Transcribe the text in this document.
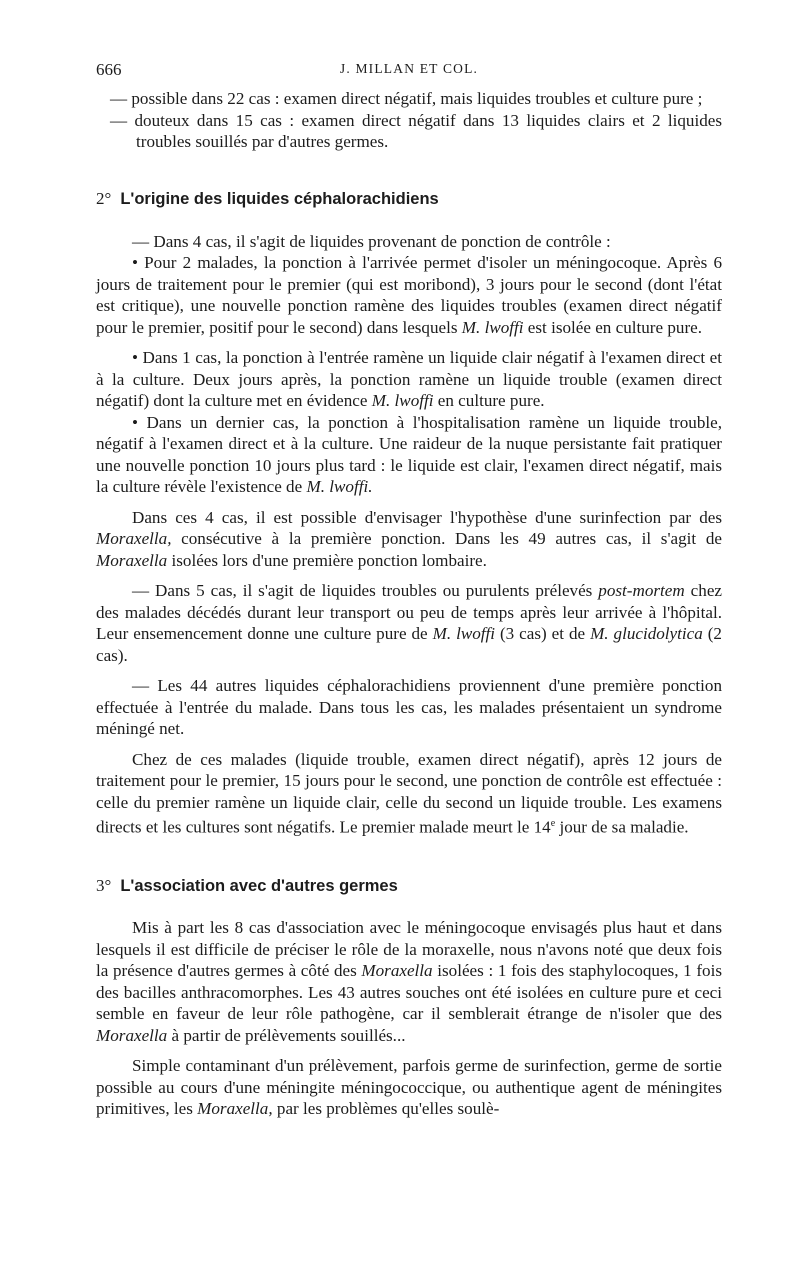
666	J. MILLAN ET COL.

— possible dans 22 cas : examen direct négatif, mais liquides troubles et culture pure ;

— douteux dans 15 cas : examen direct négatif dans 13 liquides clairs et 2 liquides troubles souillés par d'autres germes.

2° L'origine des liquides céphalorachidiens

— Dans 4 cas, il s'agit de liquides provenant de ponction de contrôle :

• Pour 2 malades, la ponction à l'arrivée permet d'isoler un méningocoque. Après 6 jours de traitement pour le premier (qui est moribond), 3 jours pour le second (dont l'état est critique), une nouvelle ponction ramène des liquides troubles (examen direct négatif pour le premier, positif pour le second) dans lesquels M. lwoffi est isolée en culture pure.

• Dans 1 cas, la ponction à l'entrée ramène un liquide clair négatif à l'examen direct et à la culture. Deux jours après, la ponction ramène un liquide trouble (examen direct négatif) dont la culture met en évidence M. lwoffi en culture pure.

• Dans un dernier cas, la ponction à l'hospitalisation ramène un liquide trouble, négatif à l'examen direct et à la culture. Une raideur de la nuque persistante fait pratiquer une nouvelle ponction 10 jours plus tard : le liquide est clair, l'examen direct négatif, mais la culture révèle l'existence de M. lwoffi.

Dans ces 4 cas, il est possible d'envisager l'hypothèse d'une surinfection par des Moraxella, consécutive à la première ponction. Dans les 49 autres cas, il s'agit de Moraxella isolées lors d'une première ponction lombaire.

— Dans 5 cas, il s'agit de liquides troubles ou purulents prélevés post-mortem chez des malades décédés durant leur transport ou peu de temps après leur arrivée à l'hôpital. Leur ensemencement donne une culture pure de M. lwoffi (3 cas) et de M. glucidolytica (2 cas).

— Les 44 autres liquides céphalorachidiens proviennent d'une première ponction effectuée à l'entrée du malade. Dans tous les cas, les malades présentaient un syndrome méningé net.

Chez de ces malades (liquide trouble, examen direct négatif), après 12 jours de traitement pour le premier, 15 jours pour le second, une ponction de contrôle est effectuée : celle du premier ramène un liquide clair, celle du second un liquide trouble. Les examens directs et les cultures sont négatifs. Le premier malade meurt le 14e jour de sa maladie.

3° L'association avec d'autres germes

Mis à part les 8 cas d'association avec le méningocoque envisagés plus haut et dans lesquels il est difficile de préciser le rôle de la moraxelle, nous n'avons noté que deux fois la présence d'autres germes à côté des Moraxella isolées : 1 fois des staphylocoques, 1 fois des bacilles anthracomorphes. Les 43 autres souches ont été isolées en culture pure et ceci semble en faveur de leur rôle pathogène, car il semblerait étrange de n'isoler que des Moraxella à partir de prélèvements souillés...

Simple contaminant d'un prélèvement, parfois germe de surinfection, germe de sortie possible au cours d'une méningite méningococcique, ou authentique agent de méningites primitives, les Moraxella, par les problèmes qu'elles soulè-
